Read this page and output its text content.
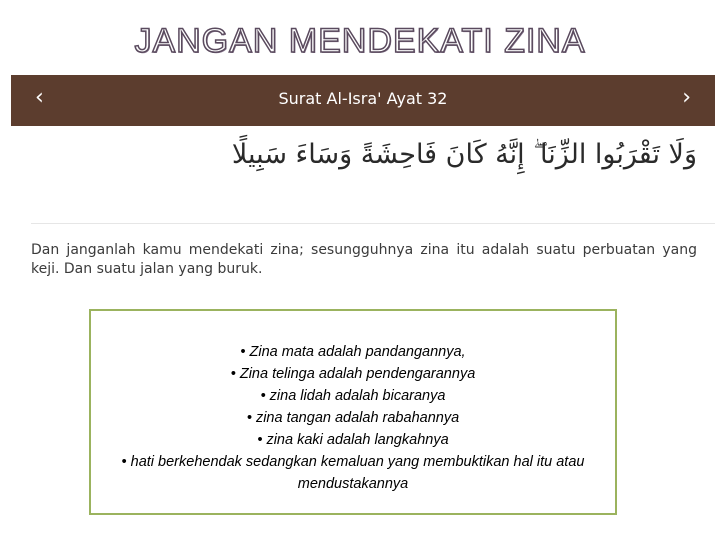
JANGAN MENDEKATI ZINA
‹	Surat Al-Isra' Ayat 32	›
وَلَا تَقْرَبُوا الزِّنَا ۖ إِنَّهُ كَانَ فَاحِشَةً وَسَاءَ سَبِيلًا
Dan janganlah kamu mendekati zina; sesungguhnya zina itu adalah suatu perbuatan yang keji. Dan suatu jalan yang buruk.
• Zina mata adalah pandangannya,
• Zina telinga adalah pendengarannya
• zina lidah adalah bicaranya
• zina tangan adalah rabahannya
• zina kaki adalah langkahnya
• hati berkehendak sedangkan kemaluan yang membuktikan hal itu atau mendustakannya
